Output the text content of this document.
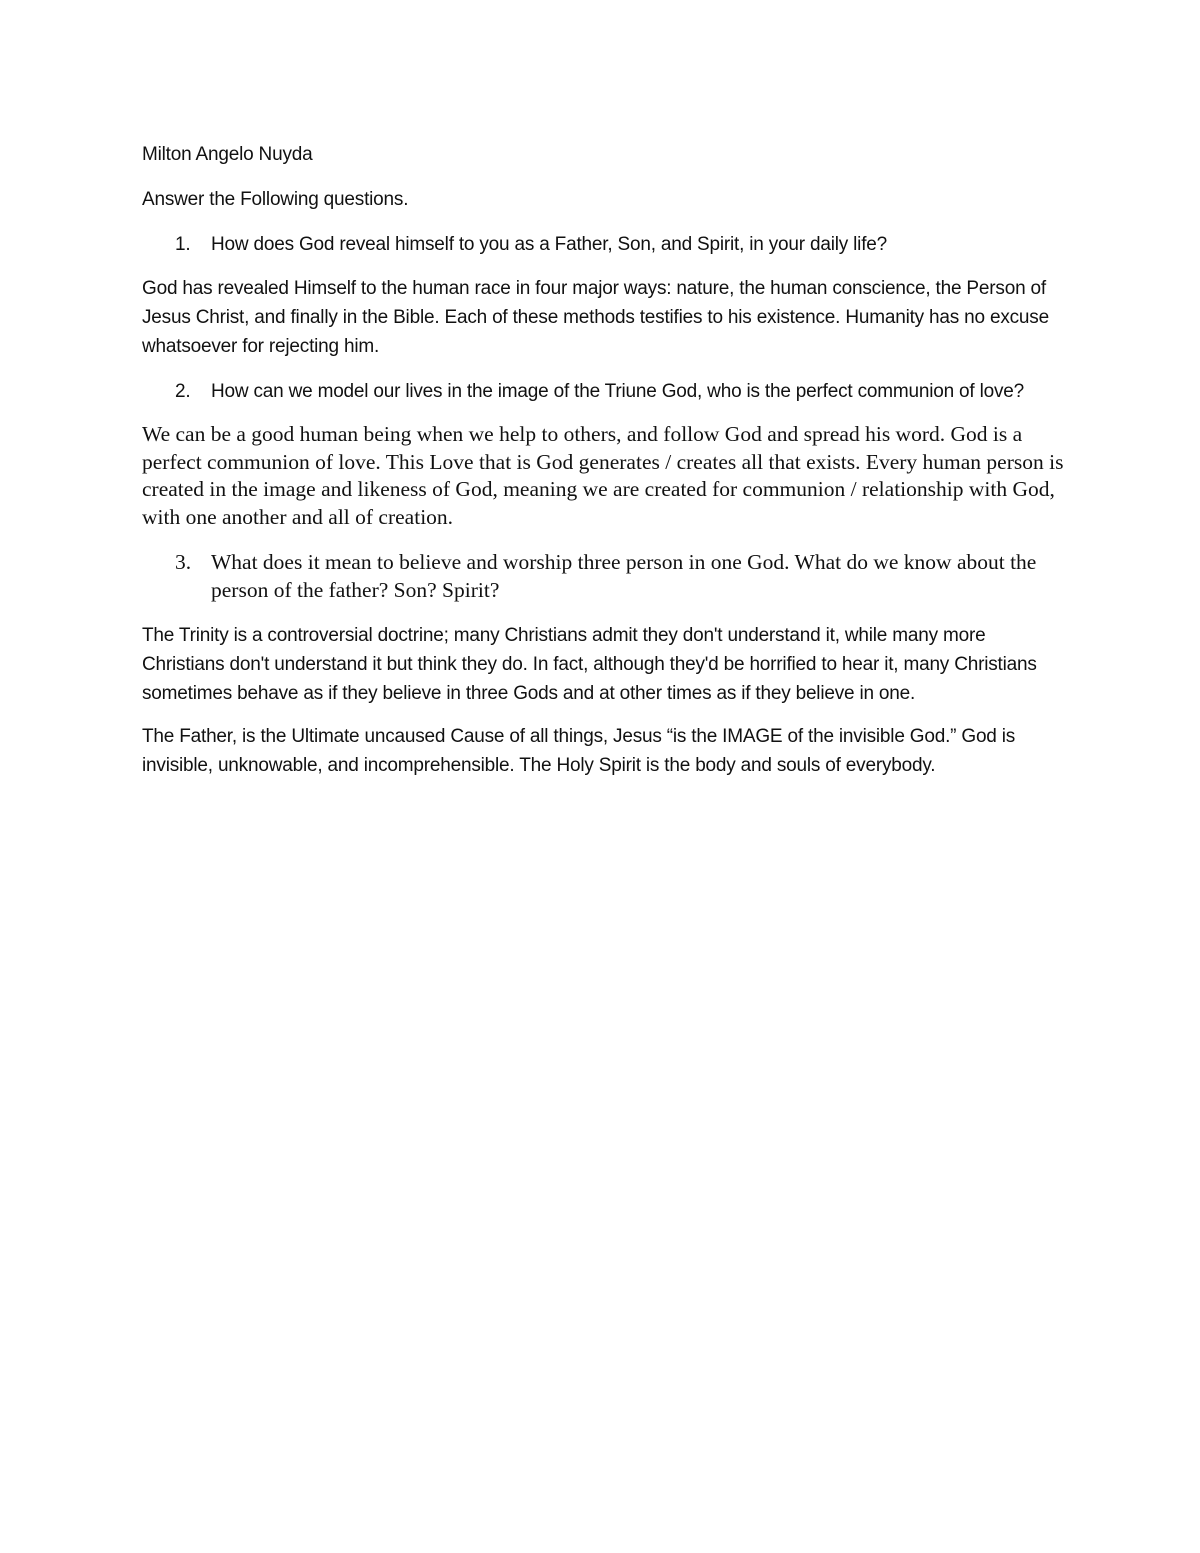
Milton Angelo Nuyda

Answer the Following questions.

1.	How does God reveal himself to you as a Father, Son, and Spirit, in your daily life?

God has revealed Himself to the human race in four major ways: nature, the human conscience, the Person of Jesus Christ, and finally in the Bible. Each of these methods testifies to his existence. Humanity has no excuse whatsoever for rejecting him.

2.	How can we model our lives in the image of the Triune God, who is the perfect communion of love?

We can be a good human being when we help to others, and follow God and spread his word. God is a perfect communion of love. This Love that is God generates / creates all that exists. Every human person is created in the image and likeness of God, meaning we are created for communion / relationship with God, with one another and all of creation.

3. What does it mean to believe and worship three person in one God. What do we know about the person of the father? Son? Spirit?

The Trinity is a controversial doctrine; many Christians admit they don't understand it, while many more Christians don't understand it but think they do. In fact, although they'd be horrified to hear it, many Christians sometimes behave as if they believe in three Gods and at other times as if they believe in one.

The Father, is the Ultimate uncaused Cause of all things, Jesus “is the IMAGE of the invisible God.” God is invisible, unknowable, and incomprehensible. The Holy Spirit is the body and souls of everybody.
